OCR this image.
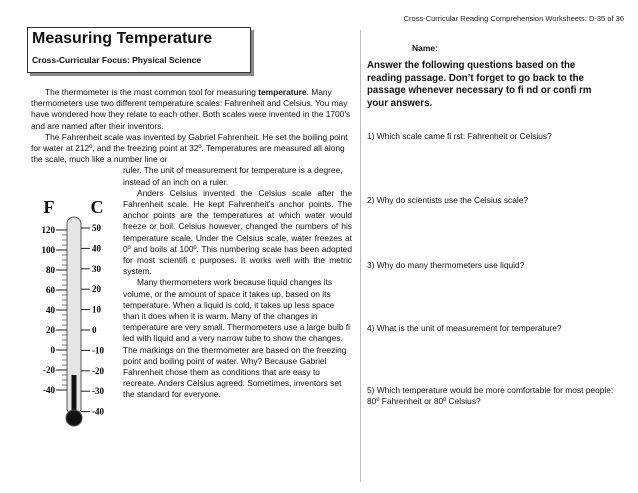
Cross-Curricular Reading Comprehension Worksheets: D-35 of 36
Measuring Temperature
Cross-Curricular Focus: Physical Science

The thermometer is the most common tool for measuring temperature. Many thermometers use two different temperature scales: Fahrenheit and Celsius. You may have wondered how they relate to each other. Both scales were invented in the 1700’s and are named after their inventors.

The Fahrenheit scale was invented by Gabriel Fahrenheit. He set the boiling point for water at 212º, and the freezing point at 32º. Temperatures are measured all along the scale, much like a number line or

ruler. The unit of measurement for temperature is a degree, instead of an inch on a ruler.

Anders Celsius invented the Celsius scale after the Fahrenheit scale. He kept Fahrenheit’s anchor points. The anchor points are the temperatures at which water would freeze or boil. Celsius however, changed the numbers of his temperature scale. Under the Celsius scale, water freezes at 0º and boils at 100º. This numbering scale has been adopted for most scientifi c purposes. It works well with the metric system.

Many thermometers work because liquid changes its volume, or the amount of space it takes up, based on its temperature. When a liquid is cold, it takes up less space than it does when it is warm. Many of the changes in temperature are very small. Thermometers use a large bulb fi led with liquid and a very narrow tube to show the changes. The markings on the thermometer are based on the freezing point and boiling point of water. Why? Because Gabriel Fahrenheit chose them as conditions that are easy to recreate. Anders Celsius agreed. Sometimes, inventors set the standard for everyone.

F C
120
100
80
60
40
20
0
-20
-40
50
40
30
20
10
0
-10
-20
-30
-40
Name:
Answer the following questions based on the reading passage. Don’t forget to go back to the passage whenever necessary to fi nd or confi rm your answers.
1) Which scale came fi rst: Fahrenheit or Celsius?
2) Why do scientists use the Celsius scale?
3) Why do many thermometers use liquid?
4) What is the unit of measurement for temperature?
5) Which temperature would be more comfortable for most people: 80º Fahrenheit or 80º Celsius?
